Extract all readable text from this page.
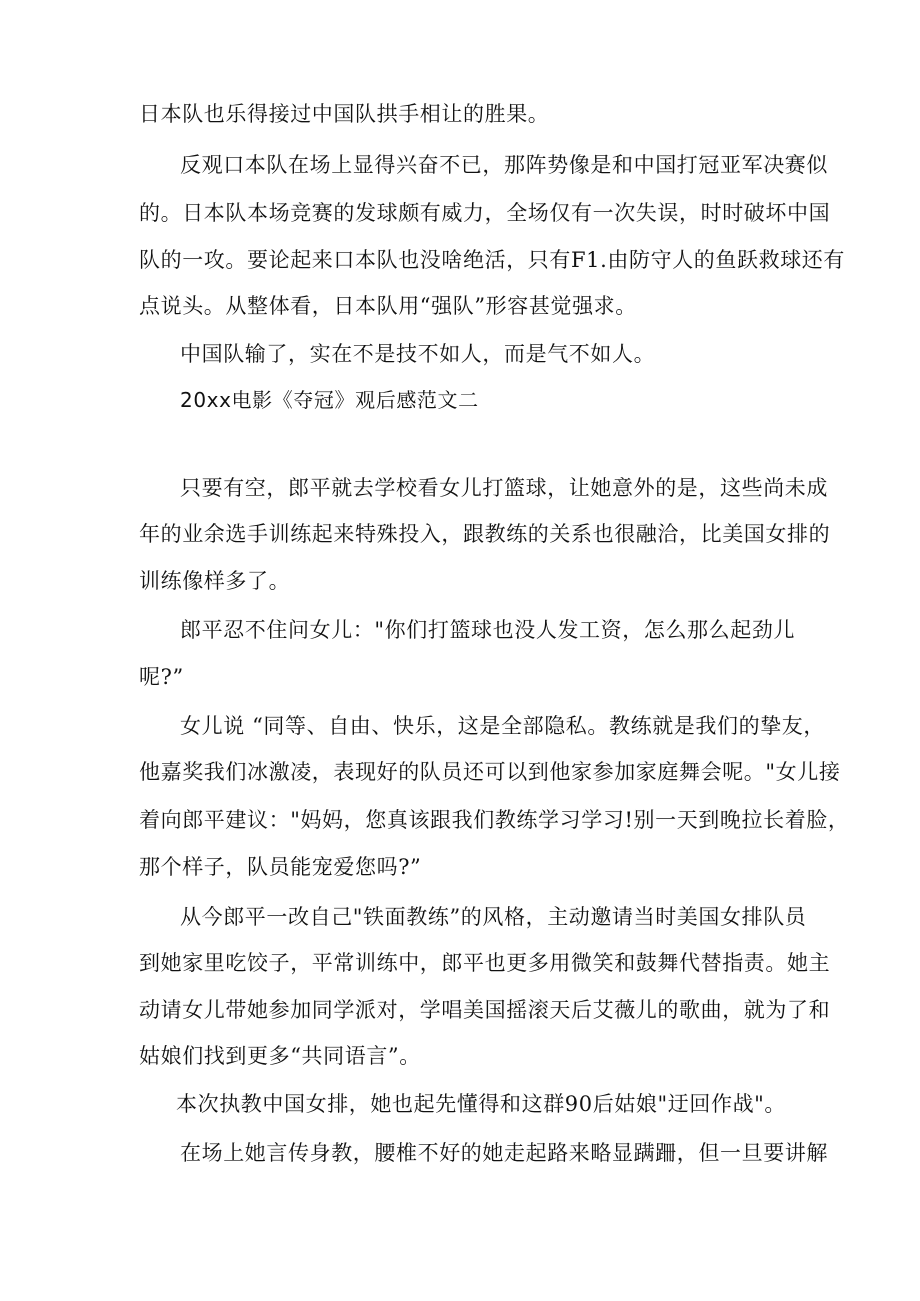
日本队也乐得接过中国队拱手相让的胜果。
反观口本队在场上显得兴奋不已，那阵势像是和中国打冠亚军决赛似
的。日本队本场竞赛的发球颇有威力，全场仅有一次失误，时时破坏中国
队的一攻。要论起来口本队也没啥绝活，只有F1.由防守人的鱼跃救球还有
点说头。从整体看，日本队用“强队”形容甚觉强求。
中国队输了，实在不是技不如人，而是气不如人。
20xx电影《夺冠》观后感范文二
只要有空，郎平就去学校看女儿打篮球，让她意外的是，这些尚未成
年的业余选手训练起来特殊投入，跟教练的关系也很融洽，比美国女排的
训练像样多了。
郎平忍不住问女儿："你们打篮球也没人发工资，怎么那么起劲儿
呢?”
女儿说 “同等、自由、快乐，这是全部隐私。教练就是我们的挚友，
他嘉奖我们冰激凌，表现好的队员还可以到他家参加家庭舞会呢。"女儿接
着向郎平建议："妈妈，您真该跟我们教练学习学习!别一天到晚拉长着脸，
那个样子，队员能宠爱您吗?”
从今郎平一改自己"铁面教练”的风格，主动邀请当时美国女排队员
到她家里吃饺子，平常训练中，郎平也更多用微笑和鼓舞代替指责。她主
动请女儿带她参加同学派对，学唱美国摇滚天后艾薇儿的歌曲，就为了和
姑娘们找到更多“共同语言”。
本次执教中国女排，她也起先懂得和这群90后姑娘"迂回作战"。
在场上她言传身教，腰椎不好的她走起路来略显蹒跚，但一旦要讲解
